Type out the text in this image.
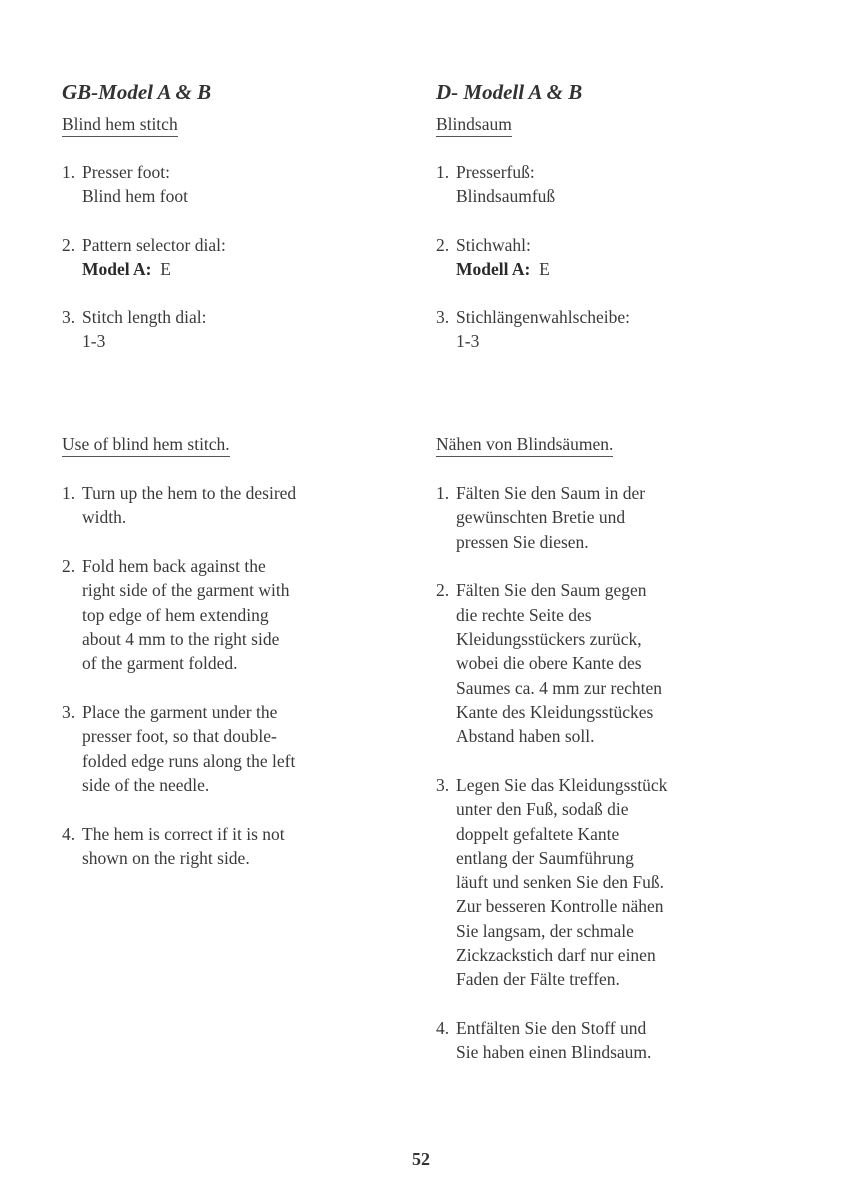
GB-Model A & B
Blind hem stitch
1. Presser foot:
Blind hem foot
2. Pattern selector dial:
Model A: E
3. Stitch length dial:
1-3
Use of blind hem stitch.
1. Turn up the hem to the desired
width.
2. Fold hem back against the
right side of the garment with
top edge of hem extending
about 4 mm to the right side
of the garment folded.
3. Place the garment under the
presser foot, so that double-
folded edge runs along the left
side of the needle.
4. The hem is correct if it is not
shown on the right side.
D- Modell A & B
Blindsaum
1. Presserfuß:
Blindsaumfuß
2. Stichwahl:
Modell A: E
3. Stichlängenwahlscheibe:
1-3
Nähen von Blindsäumen.
1. Fälten Sie den Saum in der
gewünschten Bretie und
pressen Sie diesen.
2. Fälten Sie den Saum gegen
die rechte Seite des
Kleidungsstückers zurück,
wobei die obere Kante des
Saumes ca. 4 mm zur rechten
Kante des Kleidungsstückes
Abstand haben soll.
3. Legen Sie das Kleidungsstück
unter den Fuß, sodaß die
doppelt gefaltete Kante
entlang der Saumführung
läuft und senken Sie den Fuß.
Zur besseren Kontrolle nähen
Sie langsam, der schmale
Zickzackstich darf nur einen
Faden der Fälte treffen.
4. Entfälten Sie den Stoff und
Sie haben einen Blindsaum.
52
